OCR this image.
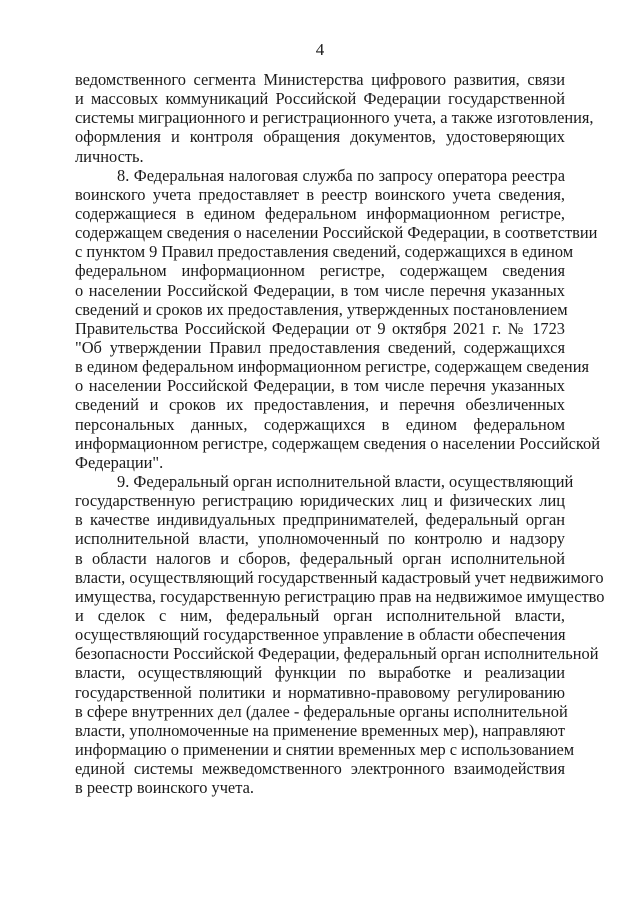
4
ведомственного сегмента Министерства цифрового развития, связи
и массовых коммуникаций Российской Федерации государственной
системы миграционного и регистрационного учета, а также изготовления,
оформления и контроля обращения документов, удостоверяющих
личность.
8. Федеральная налоговая служба по запросу оператора реестра
воинского учета предоставляет в реестр воинского учета сведения,
содержащиеся в едином федеральном информационном регистре,
содержащем сведения о населении Российской Федерации, в соответствии
с пунктом 9 Правил предоставления сведений, содержащихся в едином
федеральном информационном регистре, содержащем сведения
о населении Российской Федерации, в том числе перечня указанных
сведений и сроков их предоставления, утвержденных постановлением
Правительства Российской Федерации от 9 октября 2021 г. № 1723
"Об утверждении Правил предоставления сведений, содержащихся
в едином федеральном информационном регистре, содержащем сведения
о населении Российской Федерации, в том числе перечня указанных
сведений и сроков их предоставления, и перечня обезличенных
персональных данных, содержащихся в едином федеральном
информационном регистре, содержащем сведения о населении Российской
Федерации".
9. Федеральный орган исполнительной власти, осуществляющий
государственную регистрацию юридических лиц и физических лиц
в качестве индивидуальных предпринимателей, федеральный орган
исполнительной власти, уполномоченный по контролю и надзору
в области налогов и сборов, федеральный орган исполнительной
власти, осуществляющий государственный кадастровый учет недвижимого
имущества, государственную регистрацию прав на недвижимое имущество
и сделок с ним, федеральный орган исполнительной власти,
осуществляющий государственное управление в области обеспечения
безопасности Российской Федерации, федеральный орган исполнительной
власти, осуществляющий функции по выработке и реализации
государственной политики и нормативно-правовому регулированию
в сфере внутренних дел (далее - федеральные органы исполнительной
власти, уполномоченные на применение временных мер), направляют
информацию о применении и снятии временных мер с использованием
единой системы межведомственного электронного взаимодействия
в реестр воинского учета.
